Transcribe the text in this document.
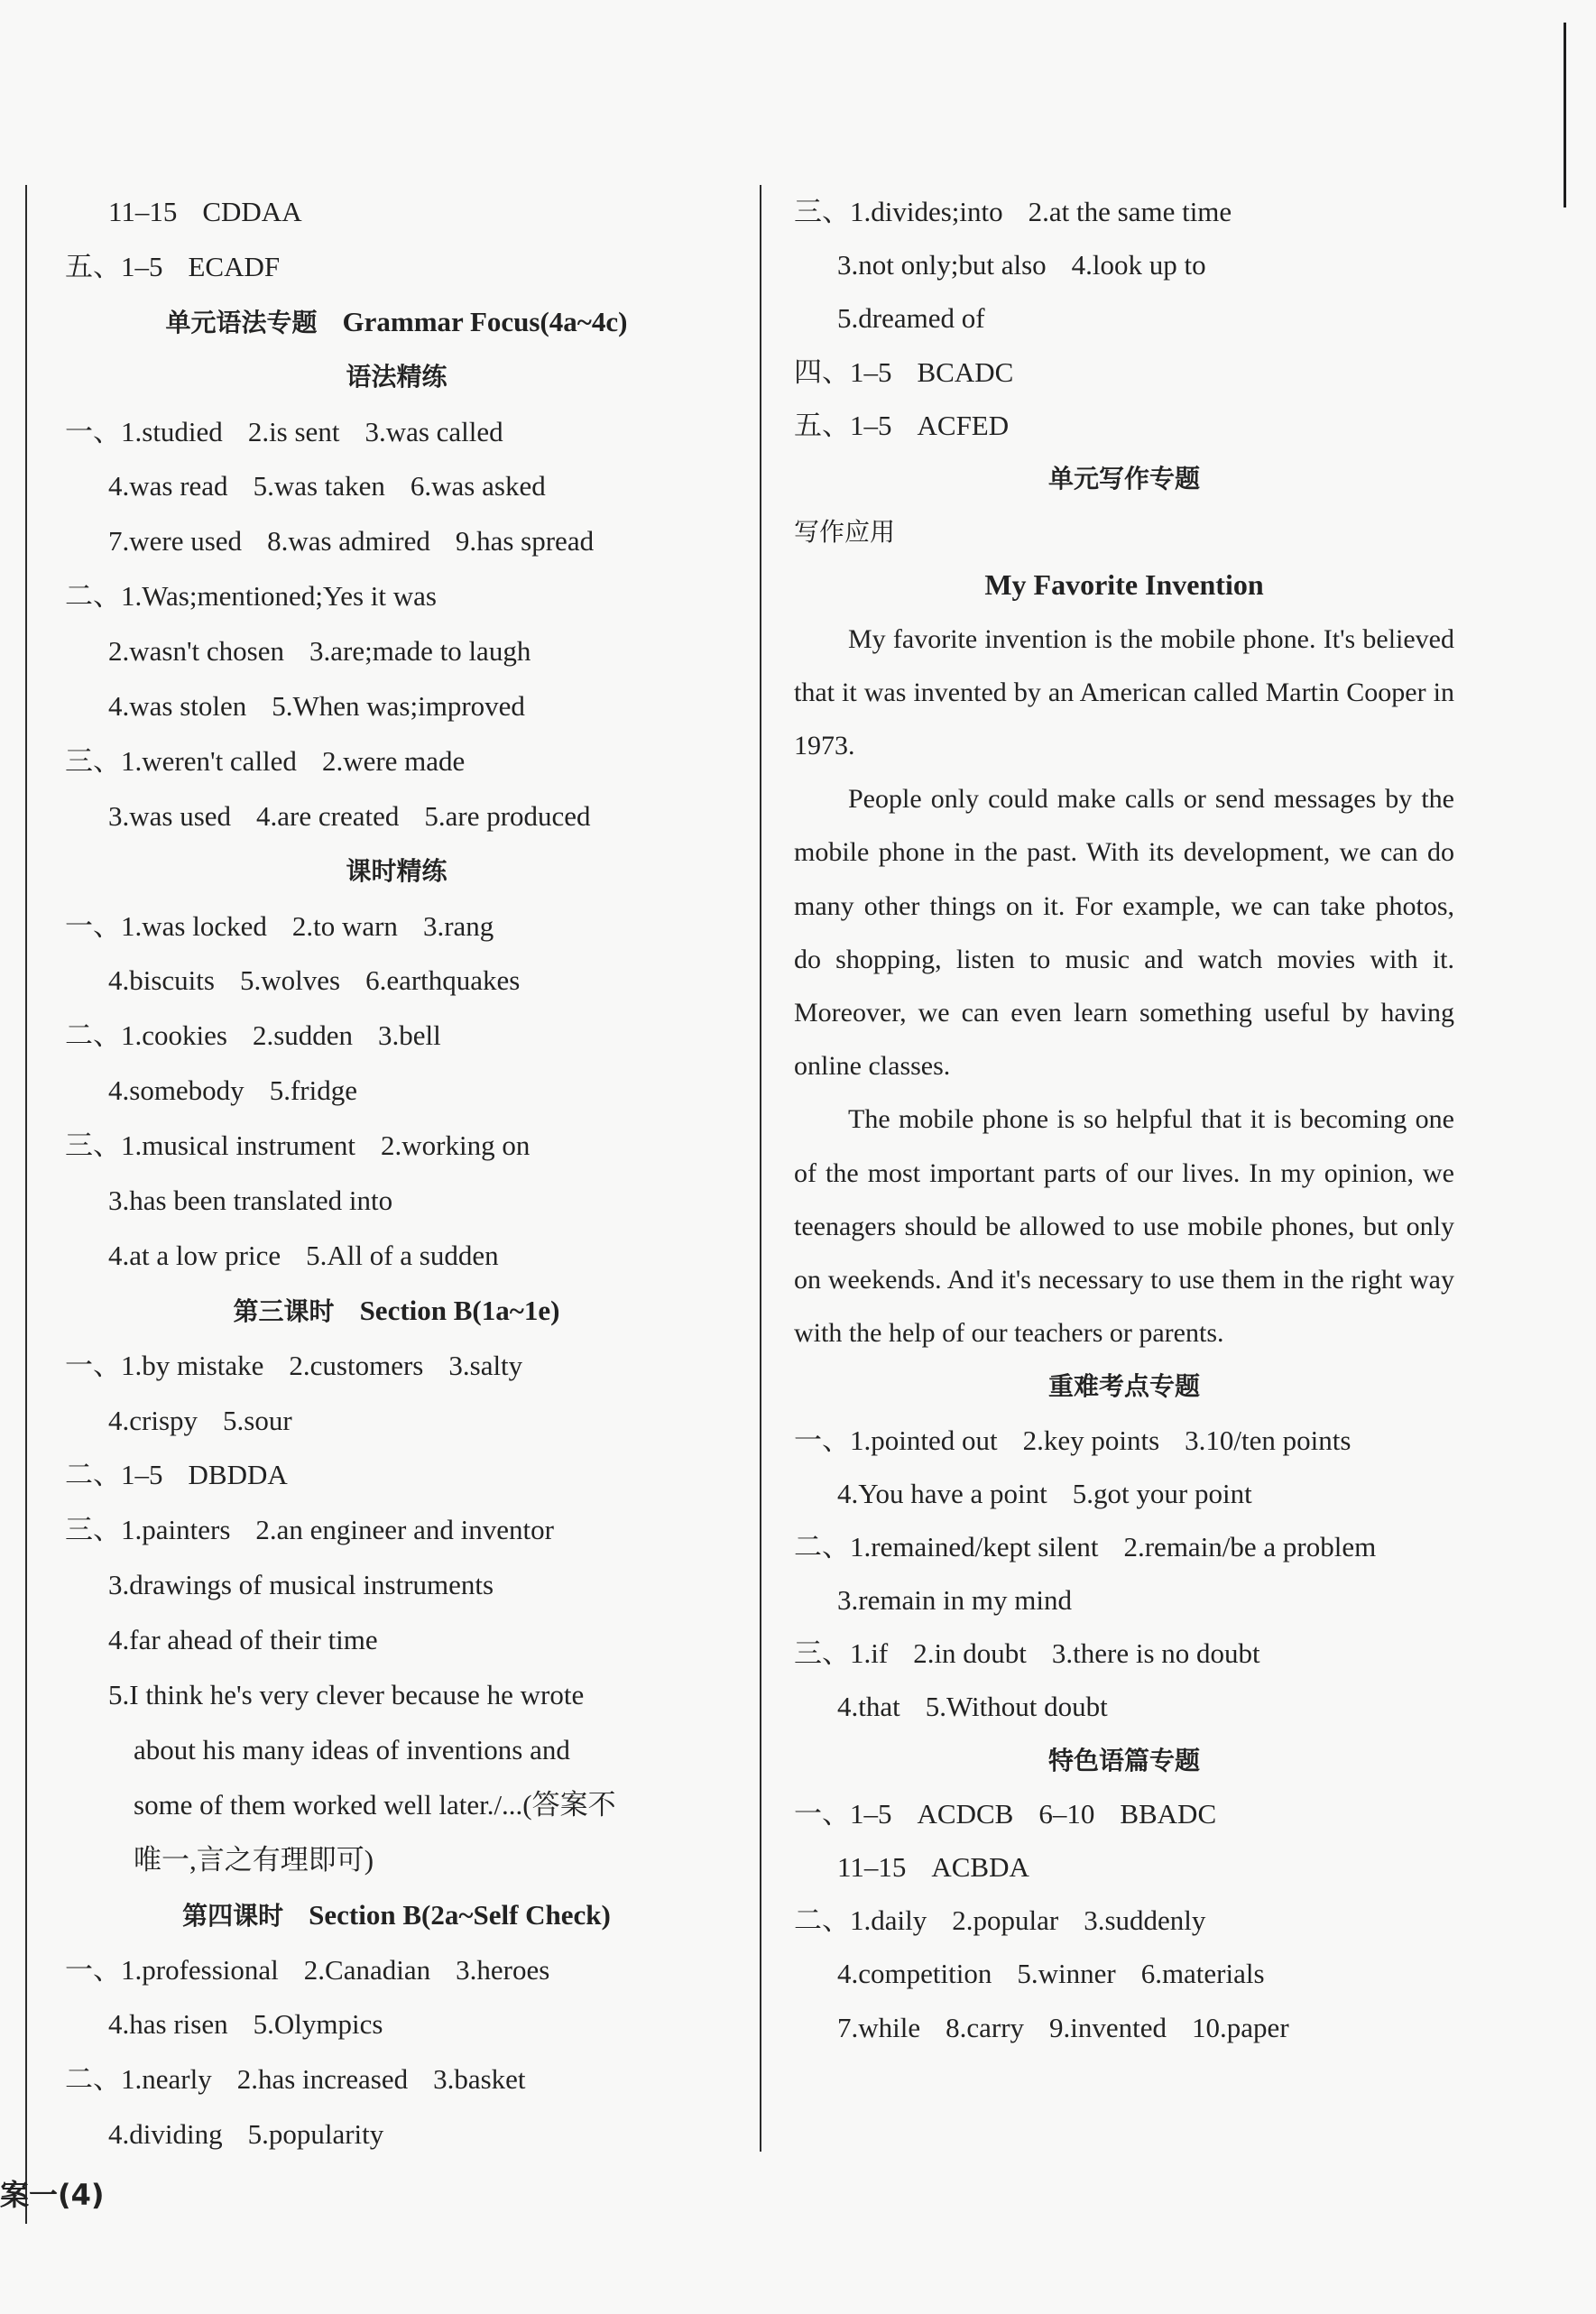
11–15 CDDAA
五、1–5 ECADF
单元语法专题 Grammar Focus(4a~4c)
语法精练
一、1.studied 2.is sent 3.was called
4.was read 5.was taken 6.was asked
7.were used 8.was admired 9.has spread
二、1.Was;mentioned;Yes it was
2.wasn't chosen 3.are;made to laugh
4.was stolen 5.When was;improved
三、1.weren't called 2.were made
3.was used 4.are created 5.are produced
课时精练
一、1.was locked 2.to warn 3.rang
4.biscuits 5.wolves 6.earthquakes
二、1.cookies 2.sudden 3.bell
4.somebody 5.fridge
三、1.musical instrument 2.working on
3.has been translated into
4.at a low price 5.All of a sudden
第三课时 Section B(1a~1e)
一、1.by mistake 2.customers 3.salty
4.crispy 5.sour
二、1–5 DBDDA
三、1.painters 2.an engineer and inventor
3.drawings of musical instruments
4.far ahead of their time
5.I think he's very clever because he wrote
about his many ideas of inventions and
some of them worked well later./...(答案不
唯一,言之有理即可)
第四课时 Section B(2a~Self Check)
一、1.professional 2.Canadian 3.heroes
4.has risen 5.Olympics
二、1.nearly 2.has increased 3.basket
4.dividing 5.popularity
三、1.divides;into 2.at the same time
3.not only;but also 4.look up to
5.dreamed of
四、1–5 BCADC
五、1–5 ACFED
单元写作专题
写作应用
My Favorite Invention

My favorite invention is the mobile phone. It's believed that it was invented by an American called Martin Cooper in 1973.

People only could make calls or send messages by the mobile phone in the past. With its development, we can do many other things on it. For example, we can take photos, do shopping, listen to music and watch movies with it. Moreover, we can even learn something useful by having online classes.

The mobile phone is so helpful that it is becoming one of the most important parts of our lives. In my opinion, we teenagers should be allowed to use mobile phones, but only on weekends. And it's necessary to use them in the right way with the help of our teachers or parents.

重难考点专题
一、1.pointed out 2.key points 3.10/ten points
4.You have a point 5.got your point
二、1.remained/kept silent 2.remain/be a problem
3.remain in my mind
三、1.if 2.in doubt 3.there is no doubt
4.that 5.Without doubt
特色语篇专题
一、1–5 ACDCB 6–10 BBADC
11–15 ACBDA
二、1.daily 2.popular 3.suddenly
4.competition 5.winner 6.materials
7.while 8.carry 9.invented 10.paper
案一(4)
